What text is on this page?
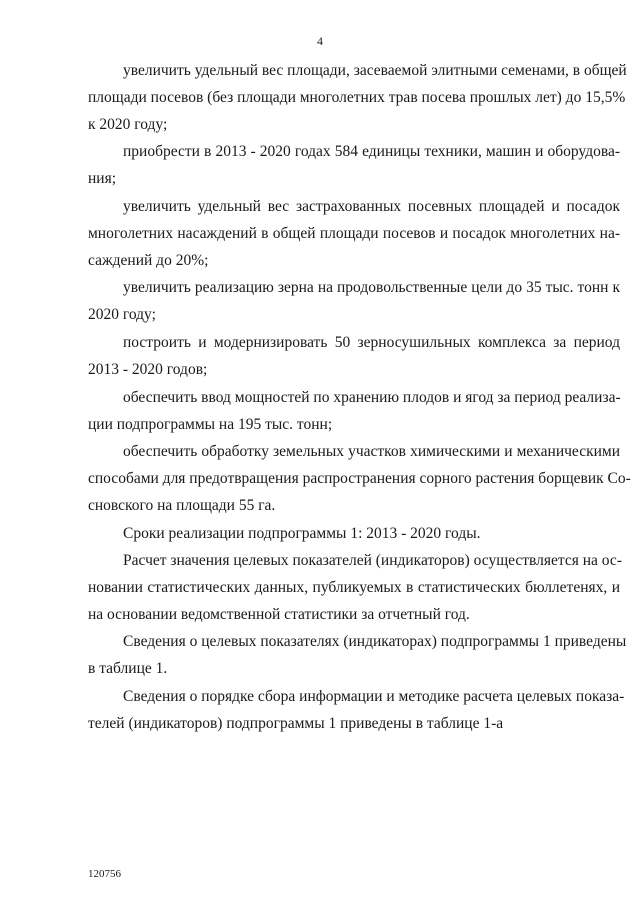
4
увеличить удельный вес площади, засеваемой элитными семенами, в общей
площади посевов (без площади многолетних трав посева прошлых лет) до 15,5%
к 2020 году;
приобрести в 2013 - 2020 годах 584 единицы техники, машин и оборудова-
ния;
увеличить удельный вес застрахованных посевных площадей и посадок
многолетних насаждений в общей площади посевов и посадок многолетних на-
саждений до 20%;
увеличить реализацию зерна на продовольственные цели до 35 тыс. тонн к
2020 году;
построить и модернизировать 50 зерносушильных комплекса за период
2013 - 2020 годов;
обеспечить ввод мощностей по хранению плодов и ягод за период реализа-
ции подпрограммы на 195 тыс. тонн;
обеспечить обработку земельных участков химическими и механическими
способами для предотвращения распространения сорного растения борщевик Со-
сновского на площади 55 га.
Сроки реализации подпрограммы 1: 2013 - 2020 годы.
Расчет значения целевых показателей (индикаторов) осуществляется на ос-
новании статистических данных, публикуемых в статистических бюллетенях, и
на основании ведомственной статистики за отчетный год.
Сведения о целевых показателях (индикаторах) подпрограммы 1 приведены
в таблице 1.
Сведения о порядке сбора информации и методике расчета целевых показа-
телей (индикаторов) подпрограммы 1 приведены в таблице 1-а
120756
